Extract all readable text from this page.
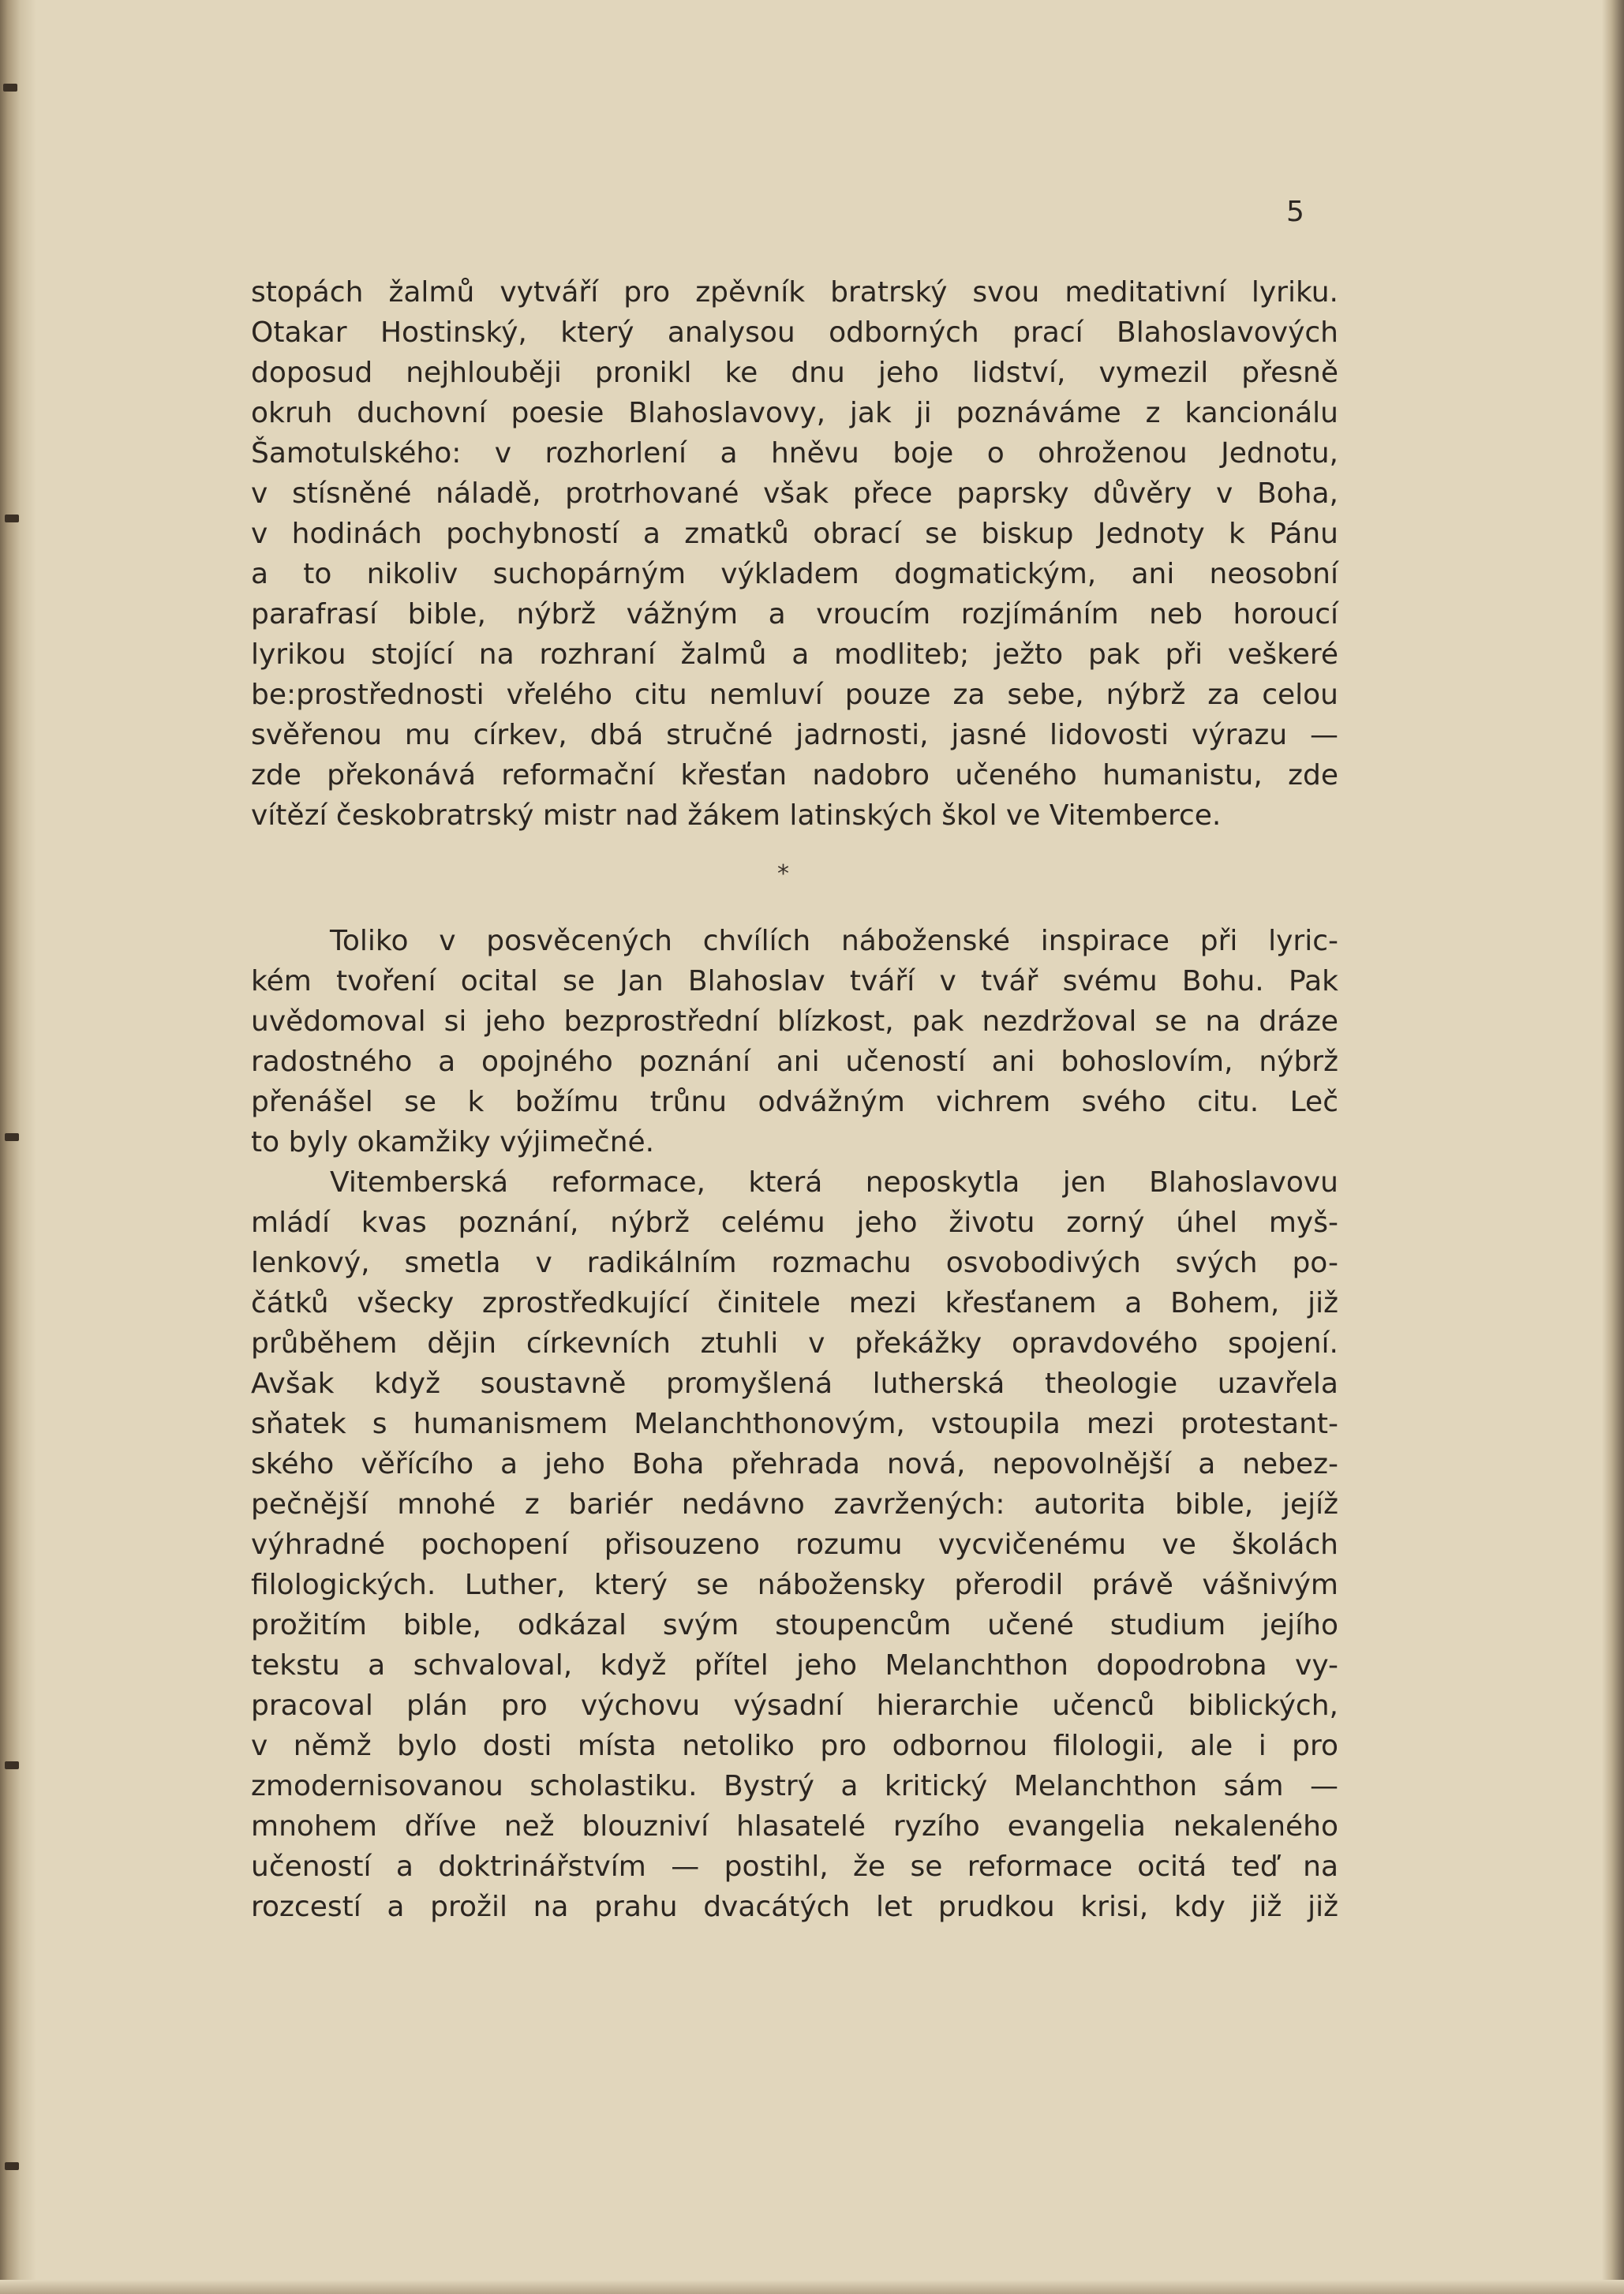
5
stopách žalmů vytváří pro zpěvník bratrský svou meditativní lyriku.
Otakar Hostinský, který analysou odborných prací Blahoslavových
doposud nejhlouběji pronikl ke dnu jeho lidství, vymezil přesně
okruh duchovní poesie Blahoslavovy, jak ji poznáváme z kancionálu
Šamotulského: v rozhorlení a hněvu boje o ohroženou Jednotu,
v stísněné náladě, protrhované však přece paprsky důvěry v Boha,
v hodinách pochybností a zmatků obrací se biskup Jednoty k Pánu
a to nikoliv suchopárným výkladem dogmatickým, ani neosobní
parafrasí bible, nýbrž vážným a vroucím rozjímáním neb horoucí
lyrikou stojící na rozhraní žalmů a modliteb; ježto pak při veškeré
be:prostřednosti vřelého citu nemluví pouze za sebe, nýbrž za celou
svěřenou mu církev, dbá stručné jadrnosti, jasné lidovosti výrazu —
zde překonává reformační křesťan nadobro učeného humanistu, zde
vítězí českobratrský mistr nad žákem latinských škol ve Vitemberce.
*
Toliko v posvěcených chvílích náboženské inspirace při lyric-
kém tvoření ocital se Jan Blahoslav tváří v tvář svému Bohu. Pak
uvědomoval si jeho bezprostřední blízkost, pak nezdržoval se na dráze
radostného a opojného poznání ani učeností ani bohoslovím, nýbrž
přenášel se k božímu trůnu odvážným vichrem svého citu. Leč
to byly okamžiky výjimečné.
Vitemberská reformace, která neposkytla jen Blahoslavovu
mládí kvas poznání, nýbrž celému jeho životu zorný úhel myš-
lenkový, smetla v radikálním rozmachu osvobodivých svých po-
čátků všecky zprostředkující činitele mezi křesťanem a Bohem, již
průběhem dějin církevních ztuhli v překážky opravdového spojení.
Avšak když soustavně promyšlená lutherská theologie uzavřela
sňatek s humanismem Melanchthonovým, vstoupila mezi protestant-
ského věřícího a jeho Boha přehrada nová, nepovolnější a nebez-
pečnější mnohé z bariér nedávno zavržených: autorita bible, jejíž
výhradné pochopení přisouzeno rozumu vycvičenému ve školách
filologických. Luther, který se nábožensky přerodil právě vášnivým
prožitím bible, odkázal svým stoupencům učené studium jejího
tekstu a schvaloval, když přítel jeho Melanchthon dopodrobna vy-
pracoval plán pro výchovu výsadní hierarchie učenců biblických,
v němž bylo dosti místa netoliko pro odbornou filologii, ale i pro
zmodernisovanou scholastiku. Bystrý a kritický Melanchthon sám —
mnohem dříve než blouzniví hlasatelé ryzího evangelia nekaleného
učeností a doktrinářstvím — postihl, že se reformace ocitá teď na
rozcestí a prožil na prahu dvacátých let prudkou krisi, kdy již již
